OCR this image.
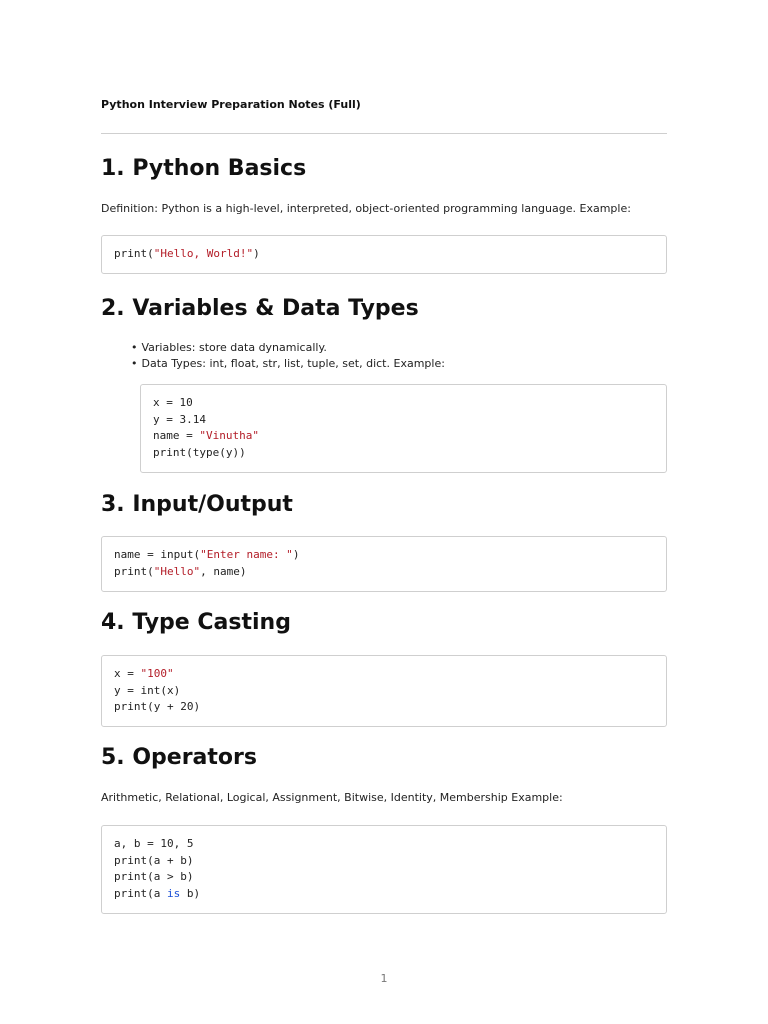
Python Interview Preparation Notes (Full)
1. Python Basics

Definition: Python is a high-level, interpreted, object-oriented programming language. Example:

print("Hello, World!")
2. Variables & Data Types
• Variables: store data dynamically.
• Data Types: int, float, str, list, tuple, set, dict. Example:
x = 10
y = 3.14
name = "Vinutha"
print(type(y))
3. Input/Output
name = input("Enter name: ")
print("Hello", name)
4. Type Casting
x = "100"
y = int(x)
print(y + 20)
5. Operators

Arithmetic, Relational, Logical, Assignment, Bitwise, Identity, Membership Example:

a, b = 10, 5
print(a + b)
print(a > b)
print(a is b)
1
